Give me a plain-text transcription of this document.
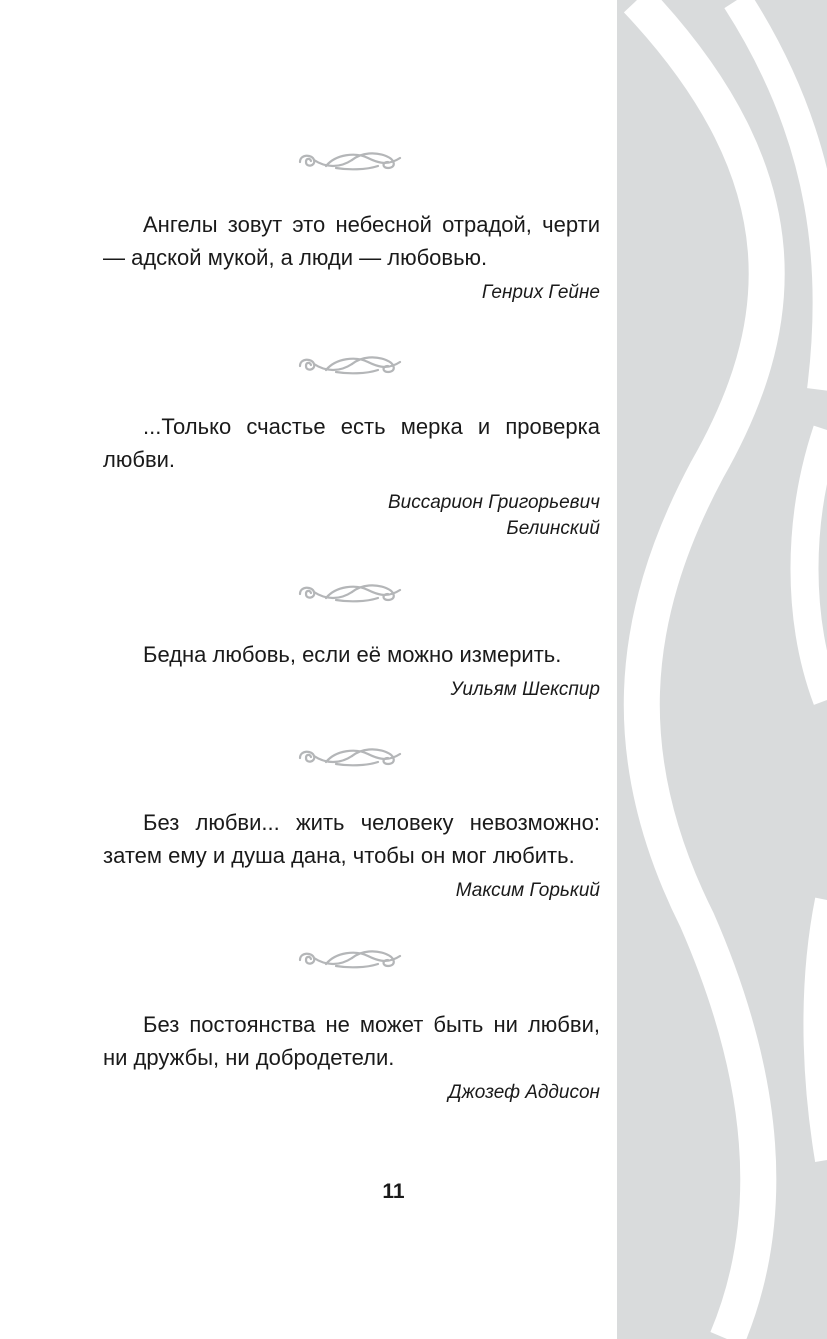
Ангелы зовут это небесной отрадой, черти — адской мукой, а люди — любовью.

Генрих Гейне

...Только счастье есть мерка и проверка любви.

Виссарион Григорьевич

Белинский

Бедна любовь, если её можно измерить.

Уильям Шекспир

Без любви... жить человеку невозможно: затем ему и душа дана, чтобы он мог любить.

Максим Горький

Без постоянства не может быть ни любви, ни дружбы, ни добродетели.

Джозеф Аддисон

11
